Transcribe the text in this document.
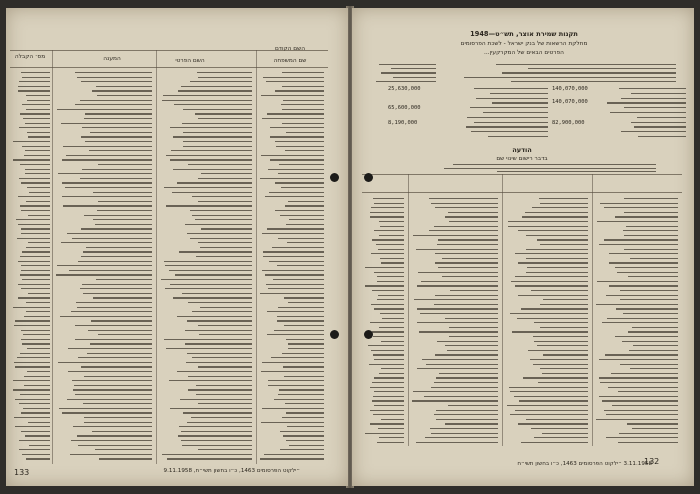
השם הקודם
שם המשפחה
השם הפרטי
המענה
מס׳ הקבלה
״ילקוט הפרסומים 1463, כ״ו בחשון תשי״ח, 9.11.1958
133
תקנות שמירת אוצר, תש״ט—1948
מחלקת הרשאות של בנק ישראל - לשכת הפרסומים
הפרטים הבאים של המקרקעין...
25,630,000	140,070,000
65,600,000
140,070,000
8,190,000	82,900,000
הודעה
בדבר רישום שינוי שם
3.11.1958 ״ילקוט הפרסומים 1463, כ״ו בחשון תשי״ח
132
